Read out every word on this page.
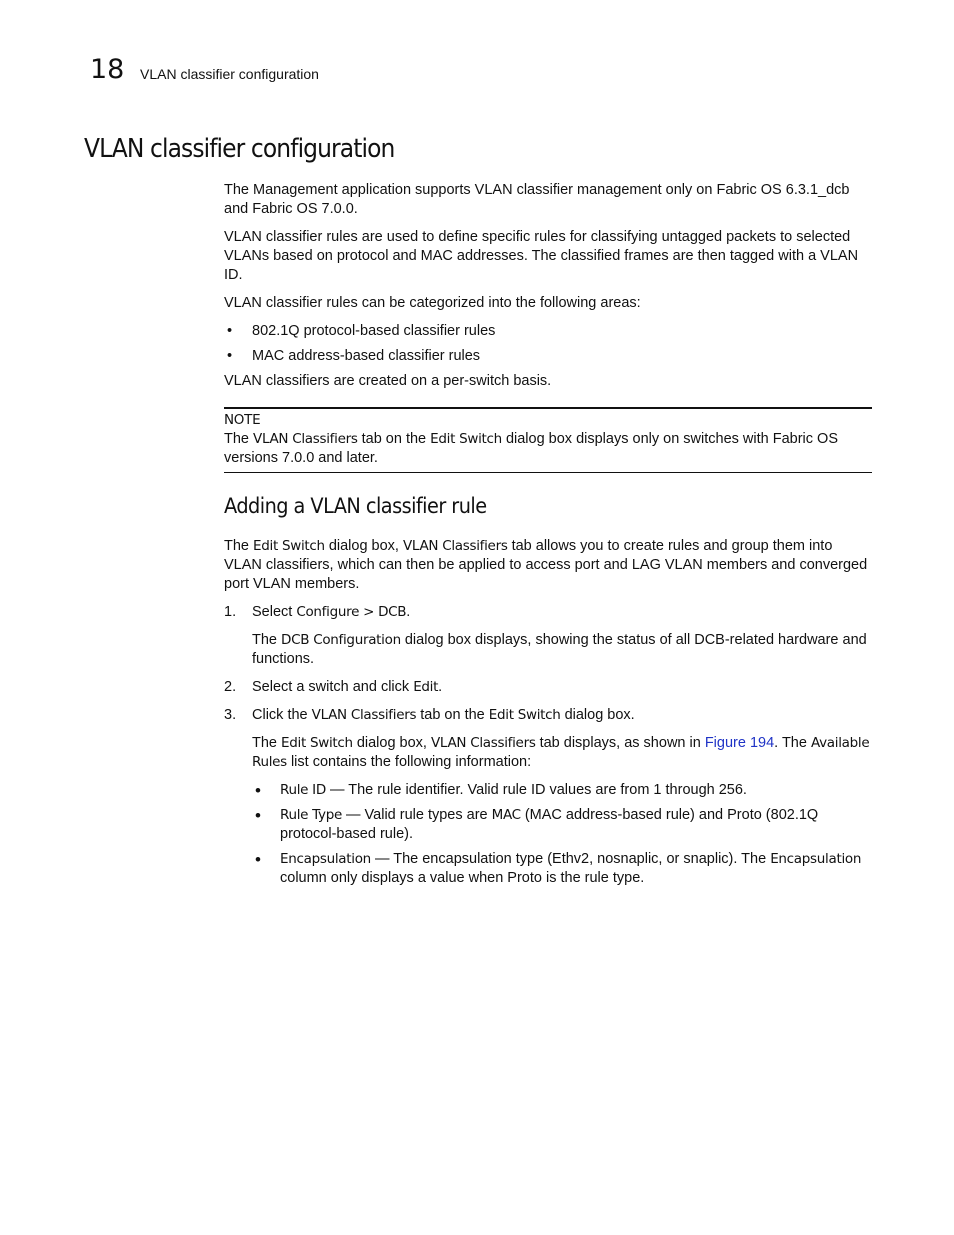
18 VLAN classifier configuration
VLAN classifier configuration

The Management application supports VLAN classifier management only on Fabric OS 6.3.1_dcb and Fabric OS 7.0.0.

VLAN classifier rules are used to define specific rules for classifying untagged packets to selected VLANs based on protocol and MAC addresses. The classified frames are then tagged with a VLAN ID.

VLAN classifier rules can be categorized into the following areas:

• 802.1Q protocol-based classifier rules
• MAC address-based classifier rules

VLAN classifiers are created on a per-switch basis.

NOTE
The VLAN Classifiers tab on the Edit Switch dialog box displays only on switches with Fabric OS versions 7.0.0 and later.
Adding a VLAN classifier rule

The Edit Switch dialog box, VLAN Classifiers tab allows you to create rules and group them into VLAN classifiers, which can then be applied to access port and LAG VLAN members and converged port VLAN members.

1. Select Configure > DCB.
The DCB Configuration dialog box displays, showing the status of all DCB-related hardware and functions.
2. Select a switch and click Edit.
3. Click the VLAN Classifiers tab on the Edit Switch dialog box.
The Edit Switch dialog box, VLAN Classifiers tab displays, as shown in Figure 194. The Available Rules list contains the following information:
• Rule ID — The rule identifier. Valid rule ID values are from 1 through 256.
• Rule Type — Valid rule types are MAC (MAC address-based rule) and Proto (802.1Q protocol-based rule).
• Encapsulation — The encapsulation type (Ethv2, nosnaplic, or snaplic). The Encapsulation column only displays a value when Proto is the rule type.
